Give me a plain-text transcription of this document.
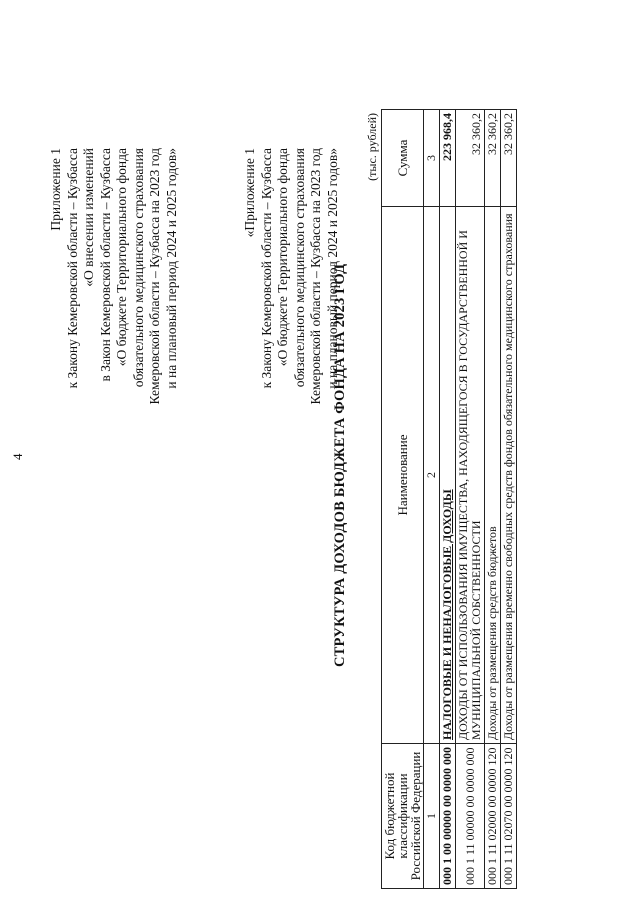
4
Приложение 1 к Закону Кемеровской области – Кузбасса «О внесении изменений в Закон Кемеровской области – Кузбасса «О бюджете Территориального фонда обязательного медицинского страхования Кемеровской области – Кузбасса на 2023 год и на плановый период 2024 и 2025 годов»	«Приложение 1 к Закону Кемеровской области – Кузбасса «О бюджете Территориального фонда обязательного медицинского страхования Кемеровской области – Кузбасса на 2023 год и на плановый период 2024 и 2025 годов»
СТРУКТУРА ДОХОДОВ БЮДЖЕТА ФОНДА НА 2023 ГОД
(тыс. рублей)
Код бюджетной классификации Российской Федерации	Наименование	Сумма
1	2	3
000 1 00 00000 00 0000 000	НАЛОГОВЫЕ И НЕНАЛОГОВЫЕ ДОХОДЫ	223 968,4
000 1 11 00000 00 0000 000	ДОХОДЫ ОТ ИСПОЛЬЗОВАНИЯ ИМУЩЕСТВА, НАХОДЯЩЕГОСЯ В ГОСУДАРСТВЕННОЙ И МУНИЦИПАЛЬНОЙ СОБСТВЕННОСТИ	32 360,2
000 1 11 02000 00 0000 120	Доходы от размещения средств бюджетов	32 360,2
000 1 11 02070 00 0000 120	Доходы от размещения временно свободных средств фондов обязательного медицинского страхования	32 360,2
